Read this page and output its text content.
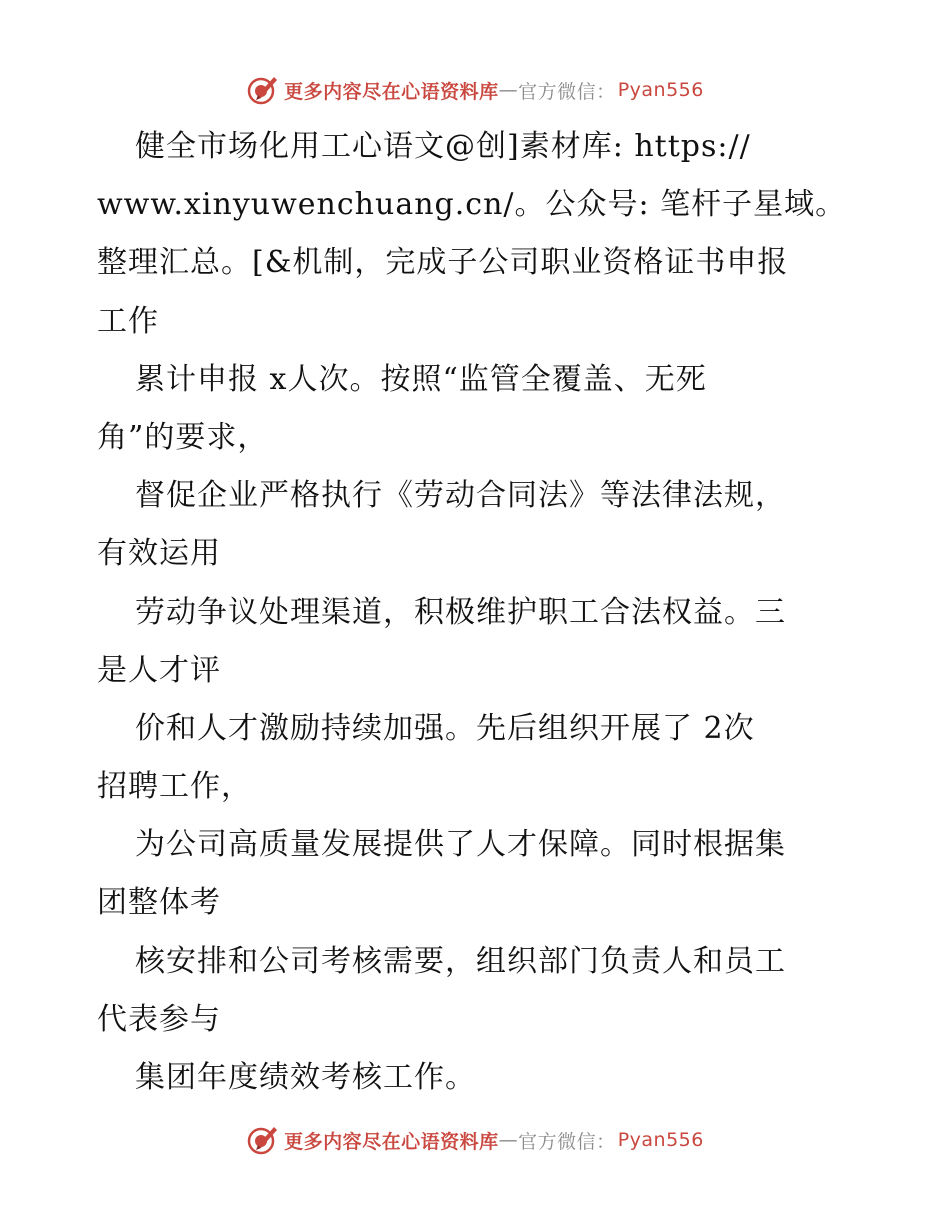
更多内容尽在心语资料库 — 官方微信： Pyan556
健全市场化用工心语文@创]素材库: https://
www.xinyuwenchuang.cn/。公众号: 笔杆子星域。
整理汇总。[&机制，完成子公司职业资格证书申报
工作
累计申报 x人次。按照“监管全覆盖、无死
角”的要求，
督促企业严格执行《劳动合同法》等法律法规，
有效运用
劳动争议处理渠道，积极维护职工合法权益。三
是人才评
价和人才激励持续加强。先后组织开展了 2次
招聘工作，
为公司高质量发展提供了人才保障。同时根据集
团整体考
核安排和公司考核需要，组织部门负责人和员工
代表参与
集团年度绩效考核工作。
更多内容尽在心语资料库 — 官方微信： Pyan556
